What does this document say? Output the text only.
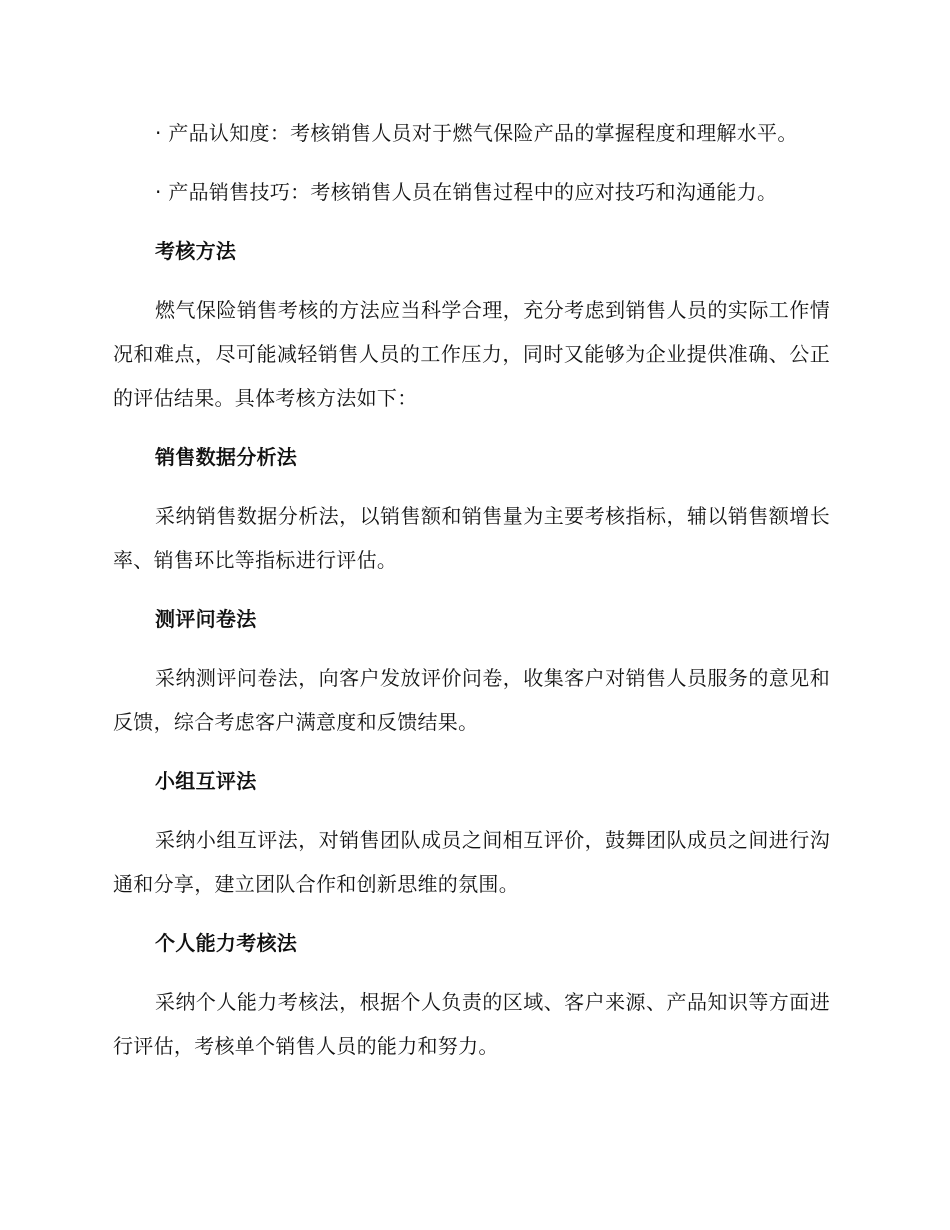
· 产品认知度：考核销售人员对于燃气保险产品的掌握程度和理解水平。

· 产品销售技巧：考核销售人员在销售过程中的应对技巧和沟通能力。

考核方法

燃气保险销售考核的方法应当科学合理，充分考虑到销售人员的实际工作情况和难点，尽可能减轻销售人员的工作压力，同时又能够为企业提供准确、公正的评估结果。具体考核方法如下：

销售数据分析法

采纳销售数据分析法，以销售额和销售量为主要考核指标，辅以销售额增长率、销售环比等指标进行评估。

测评问卷法

采纳测评问卷法，向客户发放评价问卷，收集客户对销售人员服务的意见和反馈，综合考虑客户满意度和反馈结果。

小组互评法

采纳小组互评法，对销售团队成员之间相互评价，鼓舞团队成员之间进行沟通和分享，建立团队合作和创新思维的氛围。

个人能力考核法

采纳个人能力考核法，根据个人负责的区域、客户来源、产品知识等方面进行评估，考核单个销售人员的能力和努力。
